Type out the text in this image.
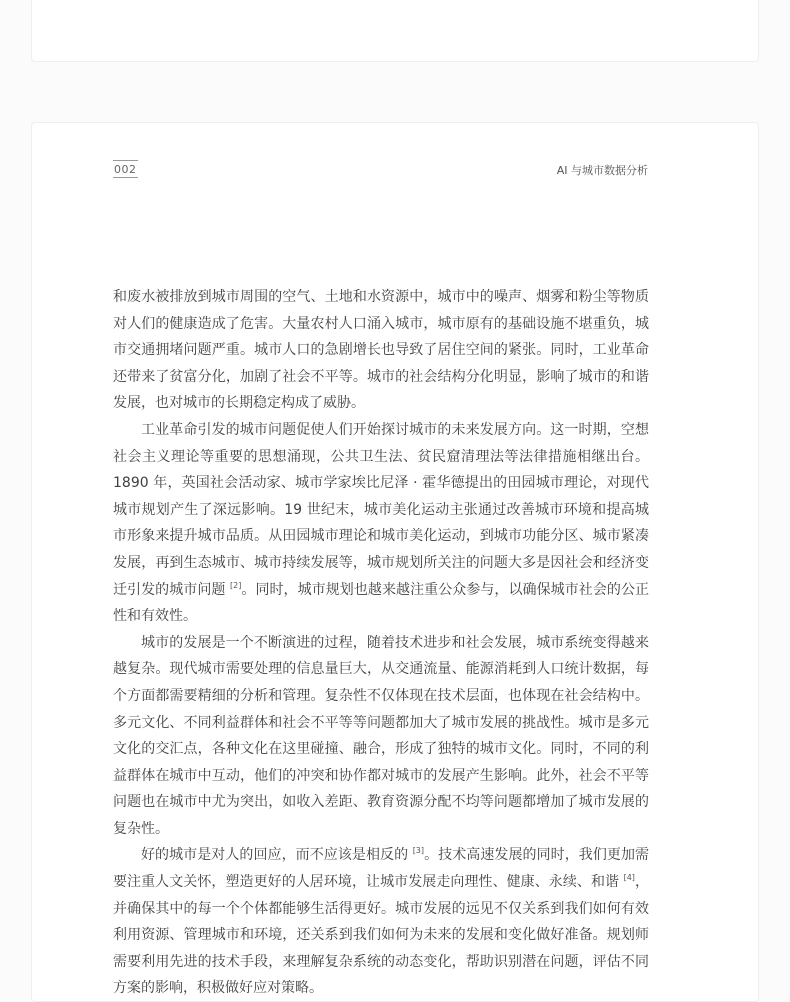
002	AI 与城市数据分析

和废水被排放到城市周围的空气、土地和水资源中，城市中的噪声、烟雾和粉尘等物质对人们的健康造成了危害。大量农村人口涌入城市，城市原有的基础设施不堪重负，城市交通拥堵问题严重。城市人口的急剧增长也导致了居住空间的紧张。同时，工业革命还带来了贫富分化，加剧了社会不平等。城市的社会结构分化明显，影响了城市的和谐发展，也对城市的长期稳定构成了威胁。

工业革命引发的城市问题促使人们开始探讨城市的未来发展方向。这一时期，空想社会主义理论等重要的思想涌现，公共卫生法、贫民窟清理法等法律措施相继出台。1890 年，英国社会活动家、城市学家埃比尼泽 · 霍华德提出的田园城市理论，对现代城市规划产生了深远影响。19 世纪末，城市美化运动主张通过改善城市环境和提高城市形象来提升城市品质。从田园城市理论和城市美化运动，到城市功能分区、城市紧凑发展，再到生态城市、城市持续发展等，城市规划所关注的问题大多是因社会和经济变迁引发的城市问题 [2]。同时，城市规划也越来越注重公众参与，以确保城市社会的公正性和有效性。

城市的发展是一个不断演进的过程，随着技术进步和社会发展，城市系统变得越来越复杂。现代城市需要处理的信息量巨大，从交通流量、能源消耗到人口统计数据，每个方面都需要精细的分析和管理。复杂性不仅体现在技术层面，也体现在社会结构中。多元文化、不同利益群体和社会不平等等问题都加大了城市发展的挑战性。城市是多元文化的交汇点，各种文化在这里碰撞、融合，形成了独特的城市文化。同时，不同的利益群体在城市中互动，他们的冲突和协作都对城市的发展产生影响。此外，社会不平等问题也在城市中尤为突出，如收入差距、教育资源分配不均等问题都增加了城市发展的复杂性。

好的城市是对人的回应，而不应该是相反的 [3]。技术高速发展的同时，我们更加需要注重人文关怀，塑造更好的人居环境，让城市发展走向理性、健康、永续、和谐 [4]，并确保其中的每一个个体都能够生活得更好。城市发展的远见不仅关系到我们如何有效利用资源、管理城市和环境，还关系到我们如何为未来的发展和变化做好准备。规划师需要利用先进的技术手段，来理解复杂系统的动态变化，帮助识别潜在问题，评估不同方案的影响，积极做好应对策略。
